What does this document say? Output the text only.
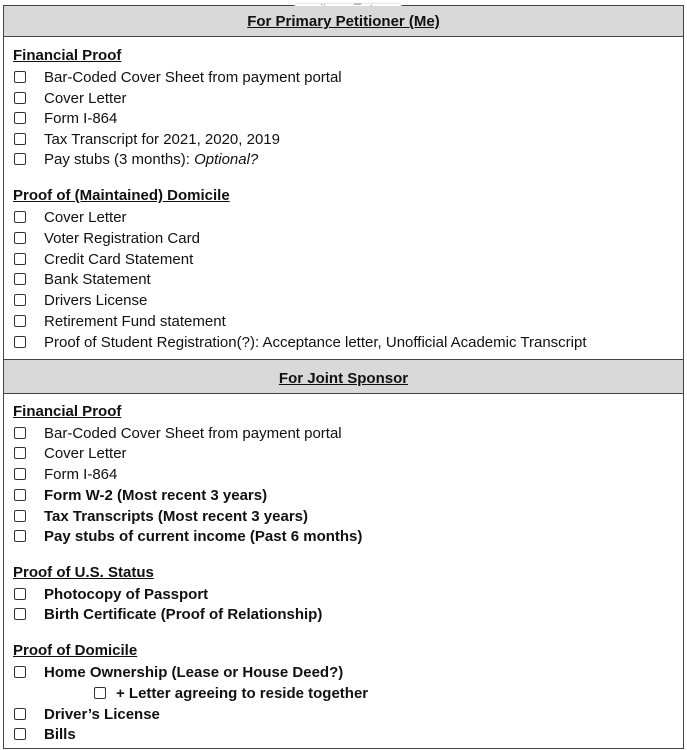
For Primary Petitioner (Me)
Financial Proof
Bar-Coded Cover Sheet from payment portal
Cover Letter
Form I-864
Tax Transcript for 2021, 2020, 2019
Pay stubs (3 months): Optional?
Proof of (Maintained) Domicile
Cover Letter
Voter Registration Card
Credit Card Statement
Bank Statement
Drivers License
Retirement Fund statement
Proof of Student Registration(?): Acceptance letter, Unofficial Academic Transcript
For Joint Sponsor
Financial Proof
Bar-Coded Cover Sheet from payment portal
Cover Letter
Form I-864
Form W-2 (Most recent 3 years)
Tax Transcripts (Most recent 3 years)
Pay stubs of current income (Past 6 months)
Proof of U.S. Status
Photocopy of Passport
Birth Certificate (Proof of Relationship)
Proof of Domicile
Home Ownership (Lease or House Deed?)
+ Letter agreeing to reside together
Driver’s License
Bills
